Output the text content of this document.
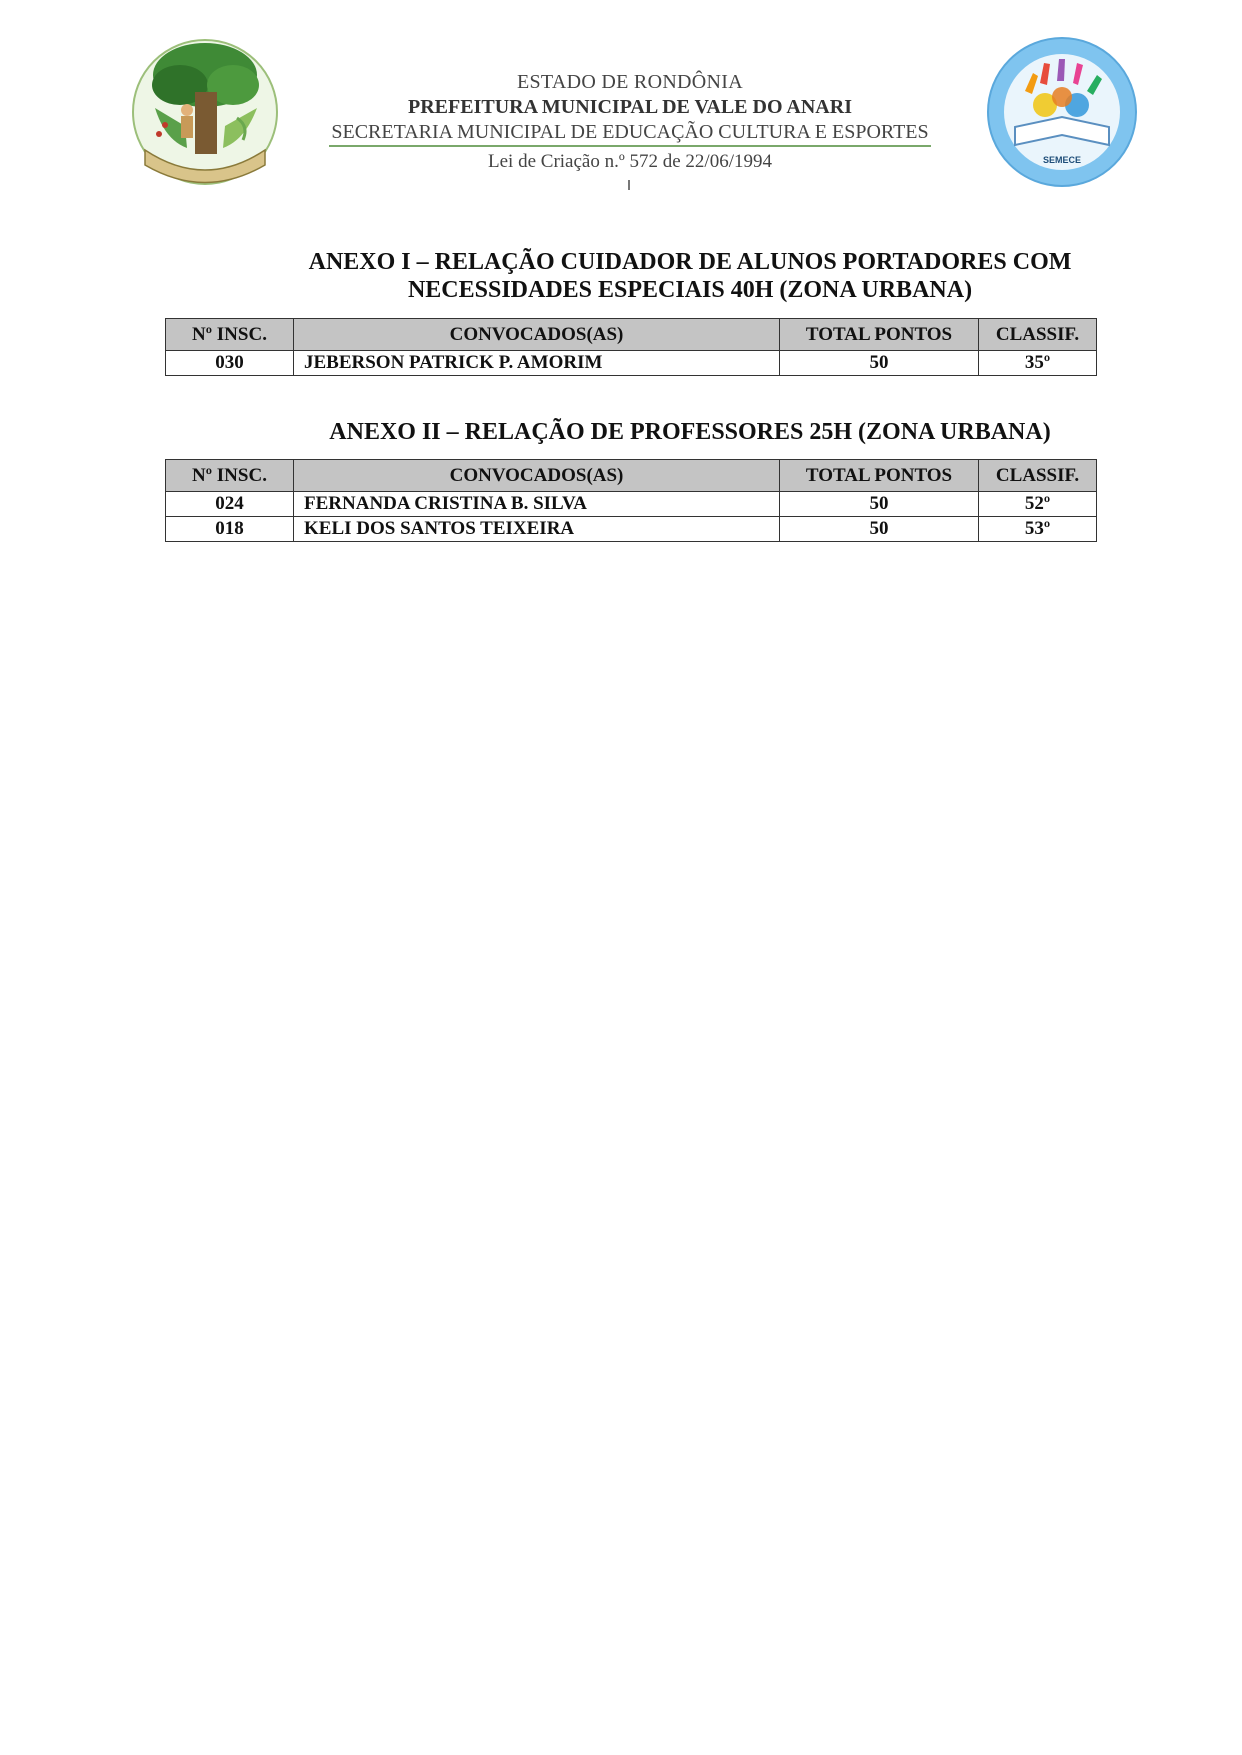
ESTADO DE RONDÔNIA
PREFEITURA MUNICIPAL DE VALE DO ANARI
SECRETARIA MUNICIPAL DE EDUCAÇÃO CULTURA E ESPORTES
Lei de Criação n.º 572 de 22/06/1994	SEMECE
ANEXO I – RELAÇÃO CUIDADOR DE ALUNOS PORTADORES COM
NECESSIDADES ESPECIAIS 40H (ZONA URBANA)
Nº INSC.	CONVOCADOS(AS)	TOTAL PONTOS	CLASSIF.
030	JEBERSON PATRICK P. AMORIM	50	35º
ANEXO II – RELAÇÃO DE PROFESSORES 25H (ZONA URBANA)
Nº INSC.	CONVOCADOS(AS)	TOTAL PONTOS	CLASSIF.
024	FERNANDA CRISTINA B. SILVA	50	52º
018	KELI DOS SANTOS TEIXEIRA	50	53º
